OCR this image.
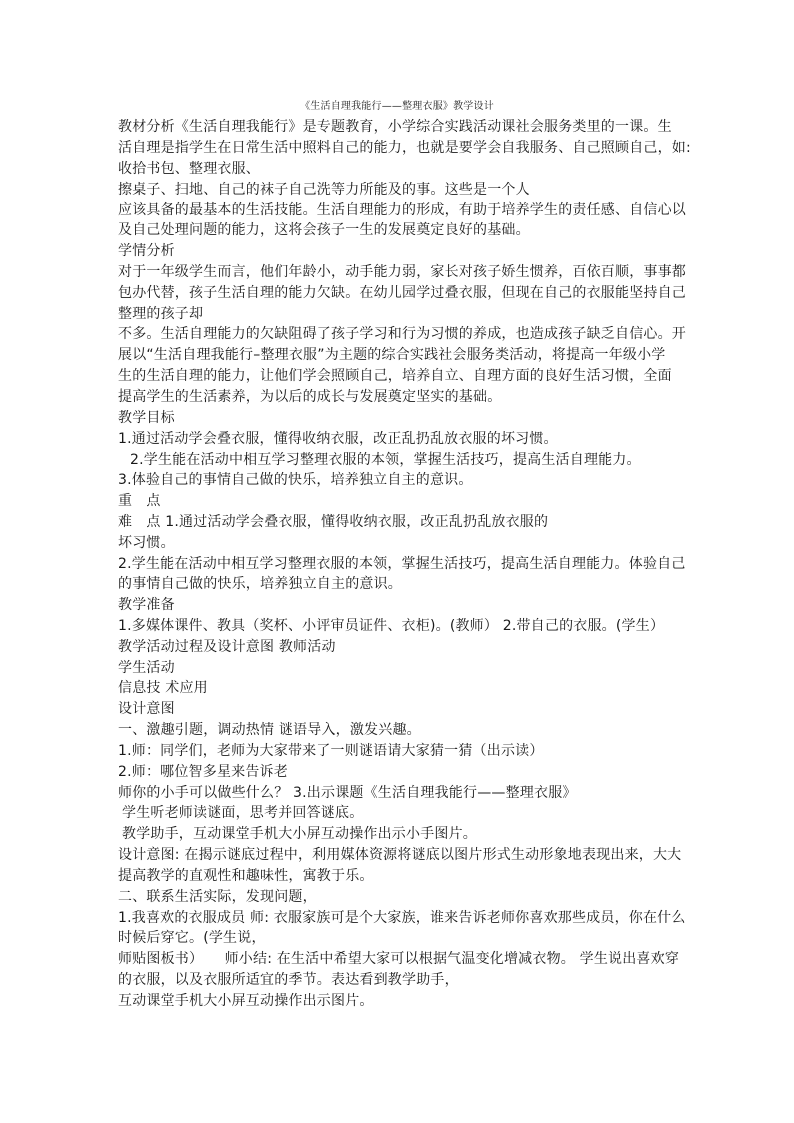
《生活自理我能行——整理衣服》教学设计
教材分析《生活自理我能行》是专题教育，小学综合实践活动课社会服务类里的一课。生
活自理是指学生在日常生活中照料自己的能力，也就是要学会自我服务、自己照顾自己，如:
收拾书包、整理衣服、
擦桌子、扫地、自己的袜子自己洗等力所能及的事。这些是一个人
应该具备的最基本的生活技能。生活自理能力的形成，有助于培养学生的责任感、自信心以
及自己处理问题的能力，这将会孩子一生的发展奠定良好的基础。
学情分析
对于一年级学生而言，他们年龄小，动手能力弱，家长对孩子娇生惯养，百依百顺，事事都
包办代替，孩子生活自理的能力欠缺。在幼儿园学过叠衣服，但现在自己的衣服能坚持自己
整理的孩子却
不多。生活自理能力的欠缺阻碍了孩子学习和行为习惯的养成，也造成孩子缺乏自信心。开
展以“生活自理我能行–整理衣服”为主题的综合实践社会服务类活动，将提高一年级小学
生的生活自理的能力，让他们学会照顾自己，培养自立、自理方面的良好生活习惯，全面
提高学生的生活素养，为以后的成长与发展奠定坚实的基础。
教学目标
1.通过活动学会叠衣服，懂得收纳衣服，改正乱扔乱放衣服的坏习惯。
2.学生能在活动中相互学习整理衣服的本领，掌握生活技巧，提高生活自理能力。
3.体验自己的事情自己做的快乐，培养独立自主的意识。
重　点
难　点 1.通过活动学会叠衣服，懂得收纳衣服，改正乱扔乱放衣服的
坏习惯。
2.学生能在活动中相互学习整理衣服的本领，掌握生活技巧，提高生活自理能力。体验自己
的事情自己做的快乐，培养独立自主的意识。
教学准备
1.多媒体课件、教具（奖杯、小评审员证件、衣柜)。(教师） 2.带自己的衣服。(学生）
教学活动过程及设计意图 教师活动
学生活动
信息技 术应用
设计意图
一、激趣引题，调动热情 谜语导入，激发兴趣。
1.师：同学们，老师为大家带来了一则谜语请大家猜一猜（出示读）
2.师：哪位智多星来告诉老
师你的小手可以做些什么？ 3.出示课题《生活自理我能行——整理衣服》
学生听老师读谜面，思考并回答谜底。
教学助手，互动课堂手机大小屏互动操作出示小手图片。
设计意图: 在揭示谜底过程中，利用媒体资源将谜底以图片形式生动形象地表现出来，大大
提高教学的直观性和趣味性，寓教于乐。
二、联系生活实际，发现问题，
1.我喜欢的衣服成员 师: 衣服家族可是个大家族，谁来告诉老师你喜欢那些成员，你在什么
时候后穿它。(学生说，
师贴图板书）　　师小结: 在生活中希望大家可以根据气温变化增减衣物。 学生说出喜欢穿
的衣服，以及衣服所适宜的季节。表达看到教学助手，
互动课堂手机大小屏互动操作出示图片。
